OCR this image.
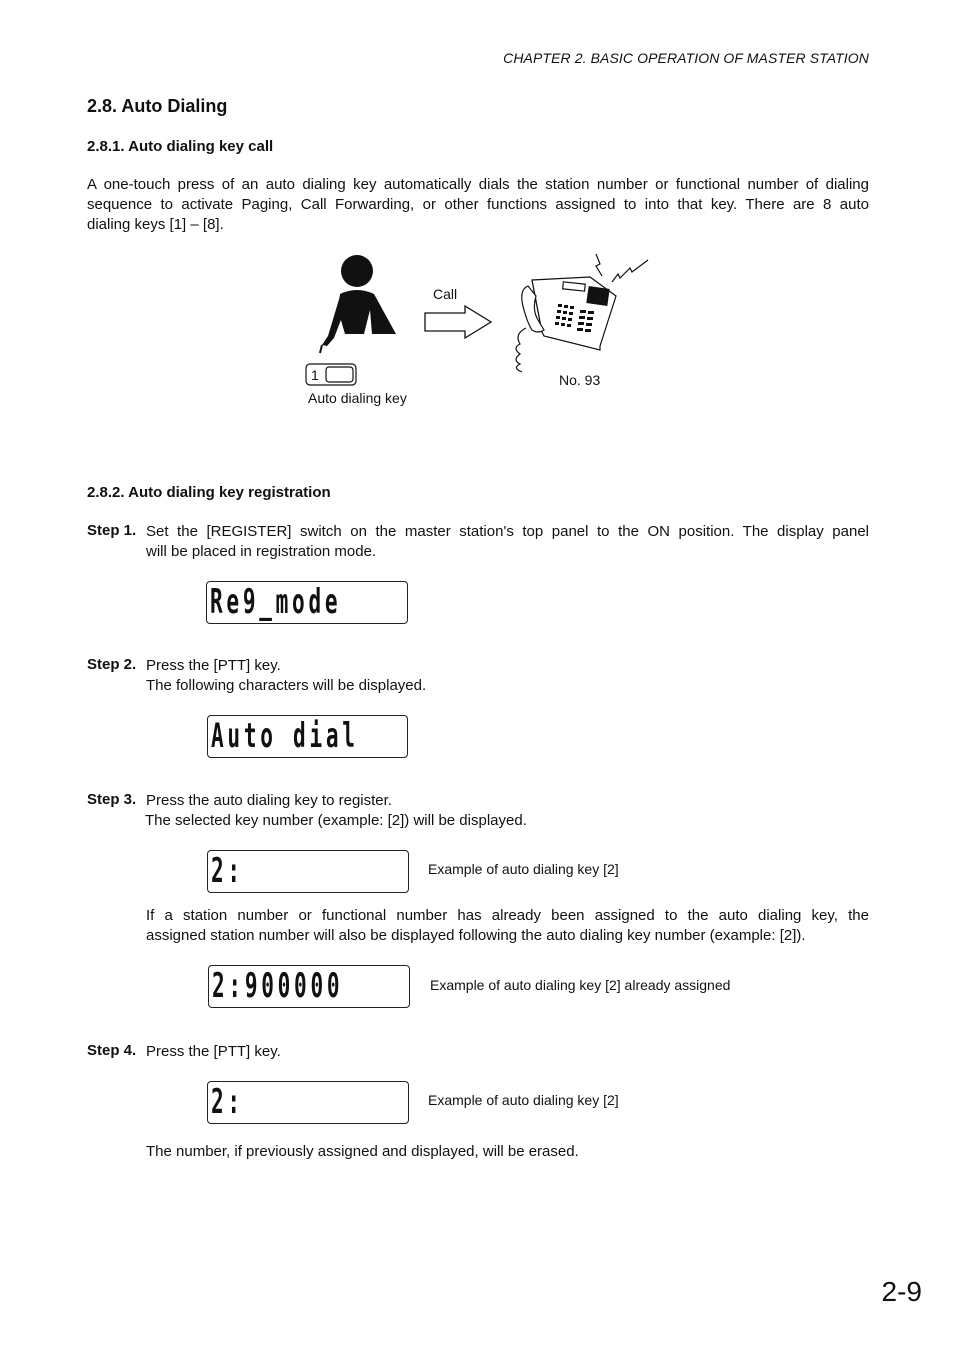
CHAPTER 2. BASIC OPERATION OF MASTER STATION
2.8. Auto Dialing
2.8.1. Auto dialing key call
A one-touch press of an auto dialing key automatically dials the station number or functional number of dialing
sequence to activate Paging, Call Forwarding, or other functions assigned to into that key. There are 8 auto
dialing keys [1] – [8].
Call
1
Auto dialing key
No. 93
2.8.2. Auto dialing key registration
Step 1. Set the [REGISTER] switch on the master station's top panel to the ON position. The display panel
will be placed in registration mode.
Re9_mode
Step 2. Press the [PTT] key.
The following characters will be displayed.
Auto dial
Step 3. Press the auto dialing key to register.
The selected key number (example: [2]) will be displayed.
2:	Example of auto dialing key [2]
If a station number or functional number has already been assigned to the auto dialing key, the
assigned station number will also be displayed following the auto dialing key number (example: [2]).
2:900000	Example of auto dialing key [2] already assigned
Step 4. Press the [PTT] key.
2:	Example of auto dialing key [2]
The number, if previously assigned and displayed, will be erased.
2-9
